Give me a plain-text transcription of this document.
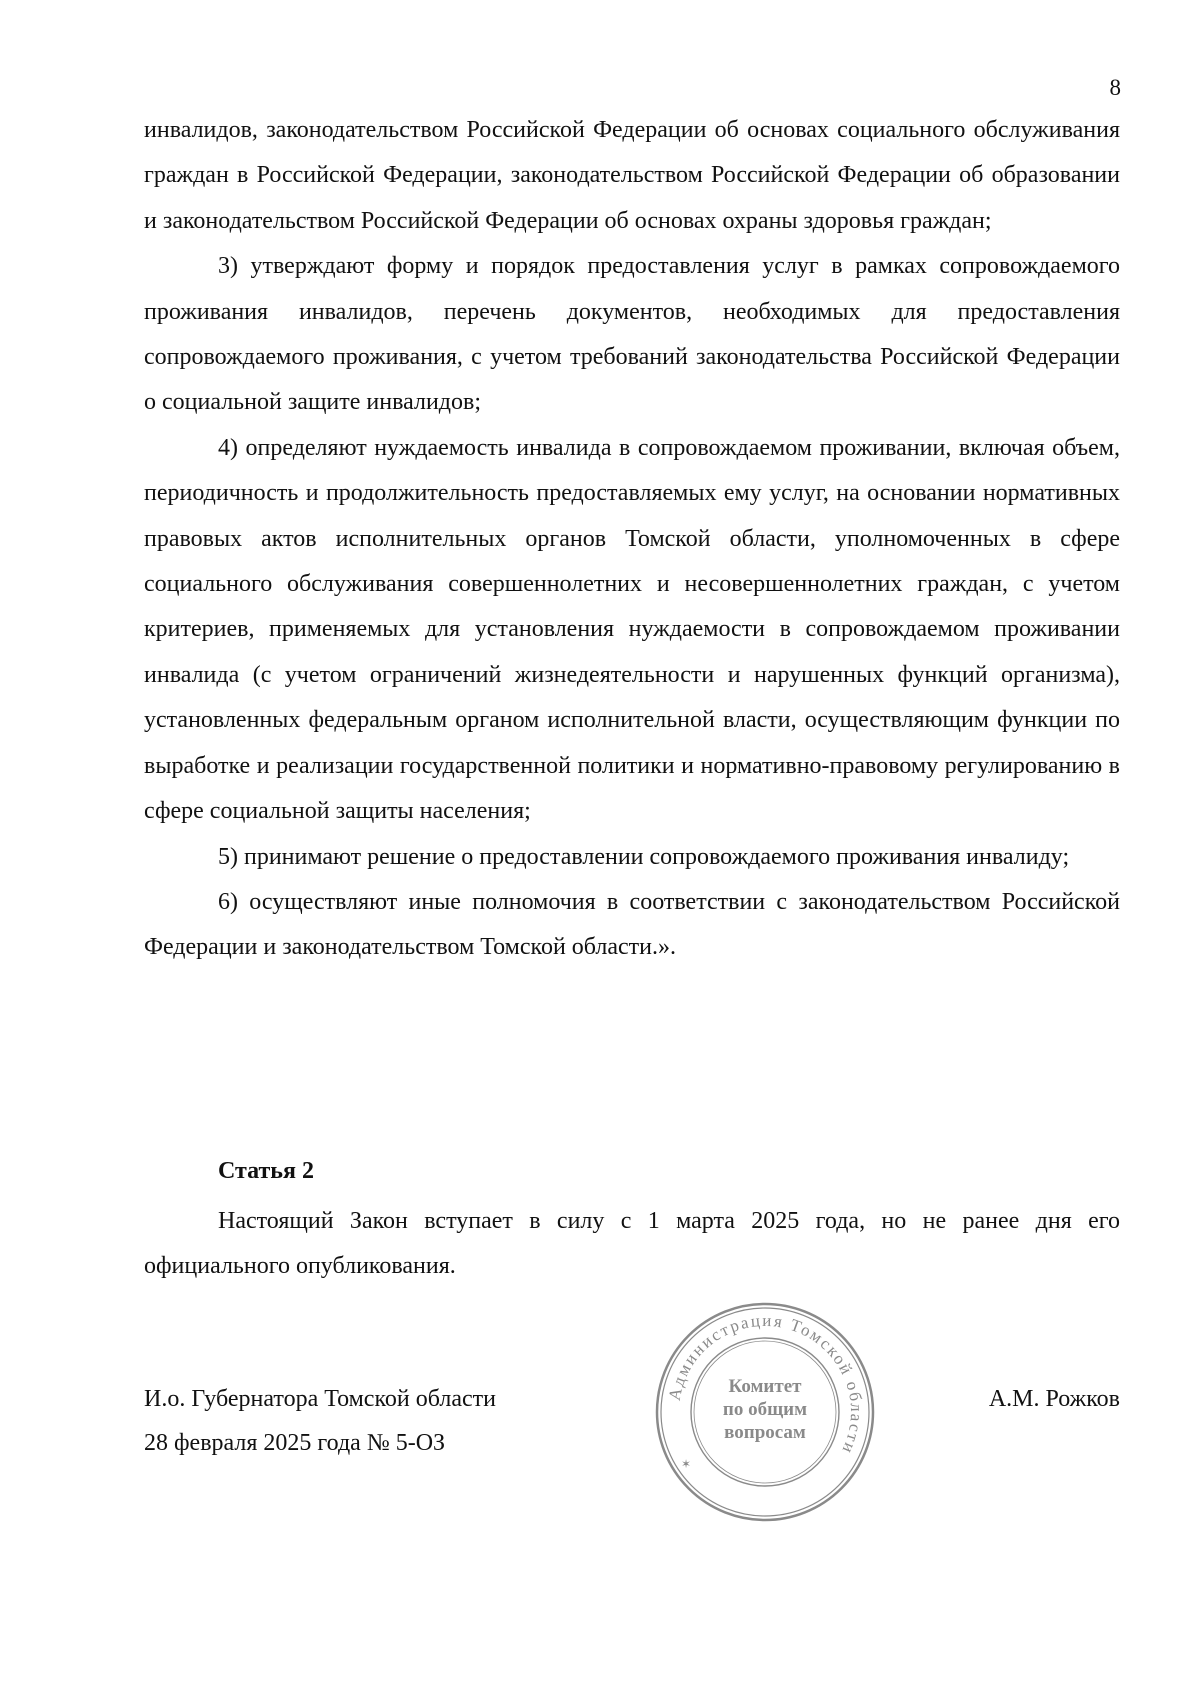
8

инвалидов, законодательством Российской Федерации об основах социального обслуживания граждан в Российской Федерации, законодательством Российской Федерации об образовании и законодательством Российской Федерации об основах охраны здоровья граждан;

3) утверждают форму и порядок предоставления услуг в рамках сопровождаемого проживания инвалидов, перечень документов, необходимых для предоставления сопровождаемого проживания, с учетом требований законодательства Российской Федерации о социальной защите инвалидов;

4) определяют нуждаемость инвалида в сопровождаемом проживании, включая объем, периодичность и продолжительность предоставляемых ему услуг, на основании нормативных правовых актов исполнительных органов Томской области, уполномоченных в сфере социального обслуживания совершеннолетних и несовершеннолетних граждан, с учетом критериев, применяемых для установления нуждаемости в сопровождаемом проживании инвалида (с учетом ограничений жизнедеятельности и нарушенных функций организма), установленных федеральным органом исполнительной власти, осуществляющим функции по выработке и реализации государственной политики и нормативно-правовому регулированию в сфере социальной защиты населения;

5) принимают решение о предоставлении сопровождаемого проживания инвалиду;

6) осуществляют иные полномочия в соответствии с законодательством Российской Федерации и законодательством Томской области.».

Статья 2

Настоящий Закон вступает в силу с 1 марта 2025 года, но не ранее дня его официального опубликования.

И.о. Губернатора Томской области
28 февраля 2025 года № 5-ОЗ
А.М. Рожков
Администрация Томской области
✶
Комитет
по общим
вопросам
